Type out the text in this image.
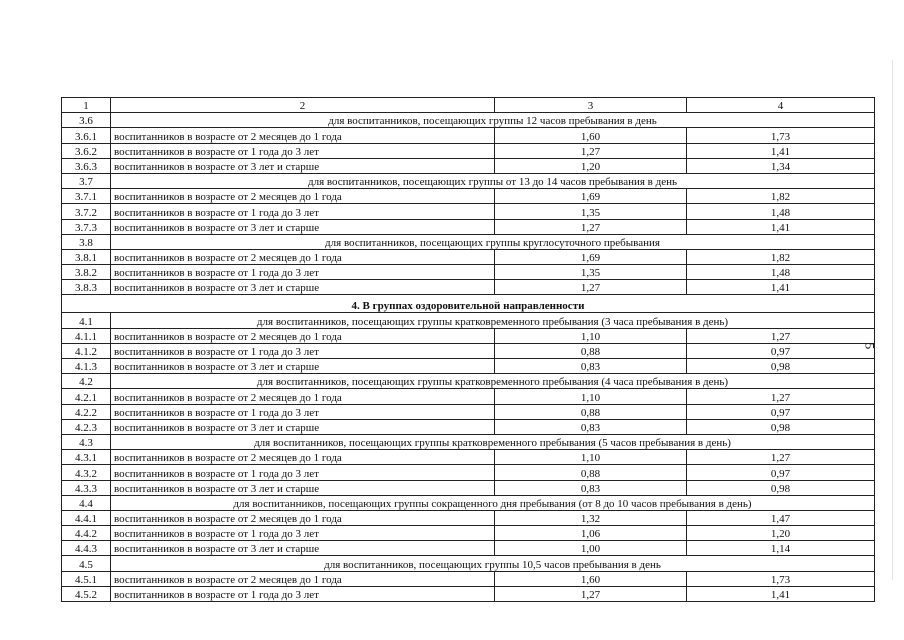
1	2	3	4
3.6	для воспитанников, посещающих группы 12 часов пребывания в день		
3.6.1	воспитанников в возрасте от 2 месяцев до 1 года	1,60	1,73
3.6.2	воспитанников в возрасте от 1 года до 3 лет	1,27	1,41
3.6.3	воспитанников в возрасте от 3 лет и старше	1,20	1,34
3.7	для воспитанников, посещающих группы от 13 до 14 часов пребывания в день		
3.7.1	воспитанников в возрасте от 2 месяцев до 1 года	1,69	1,82
3.7.2	воспитанников в возрасте от 1 года до 3 лет	1,35	1,48
3.7.3	воспитанников в возрасте от 3 лет и старше	1,27	1,41
3.8	для воспитанников, посещающих группы круглосуточного пребывания		
3.8.1	воспитанников в возрасте от 2 месяцев до 1 года	1,69	1,82
3.8.2	воспитанников в возрасте от 1 года до 3 лет	1,35	1,48
3.8.3	воспитанников в возрасте от 3 лет и старше	1,27	1,41
4. В группах оздоровительной направленности			
4.1	для воспитанников, посещающих группы кратковременного пребывания (3 часа пребывания в день)		
4.1.1	воспитанников в возрасте от 2 месяцев до 1 года	1,10	1,27
4.1.2	воспитанников в возрасте от 1 года до 3 лет	0,88	0,97
4.1.3	воспитанников в возрасте от 3 лет и старше	0,83	0,98
4.2	для воспитанников, посещающих группы кратковременного пребывания (4 часа пребывания в день)		
4.2.1	воспитанников в возрасте от 2 месяцев до 1 года	1,10	1,27
4.2.2	воспитанников в возрасте от 1 года до 3 лет	0,88	0,97
4.2.3	воспитанников в возрасте от 3 лет и старше	0,83	0,98
4.3	для воспитанников, посещающих группы кратковременного пребывания (5 часов пребывания в день)		
4.3.1	воспитанников в возрасте от 2 месяцев до 1 года	1,10	1,27
4.3.2	воспитанников в возрасте от 1 года до 3 лет	0,88	0,97
4.3.3	воспитанников в возрасте от 3 лет и старше	0,83	0,98
4.4	для воспитанников, посещающих группы сокращенного дня пребывания (от 8 до 10 часов пребывания в день)		
4.4.1	воспитанников в возрасте от 2 месяцев до 1 года	1,32	1,47
4.4.2	воспитанников в возрасте от 1 года до 3 лет	1,06	1,20
4.4.3	воспитанников в возрасте от 3 лет и старше	1,00	1,14
4.5	для воспитанников, посещающих группы 10,5 часов пребывания в день		
4.5.1	воспитанников в возрасте от 2 месяцев до 1 года	1,60	1,73
4.5.2	воспитанников в возрасте от 1 года до 3 лет	1,27	1,41
5
